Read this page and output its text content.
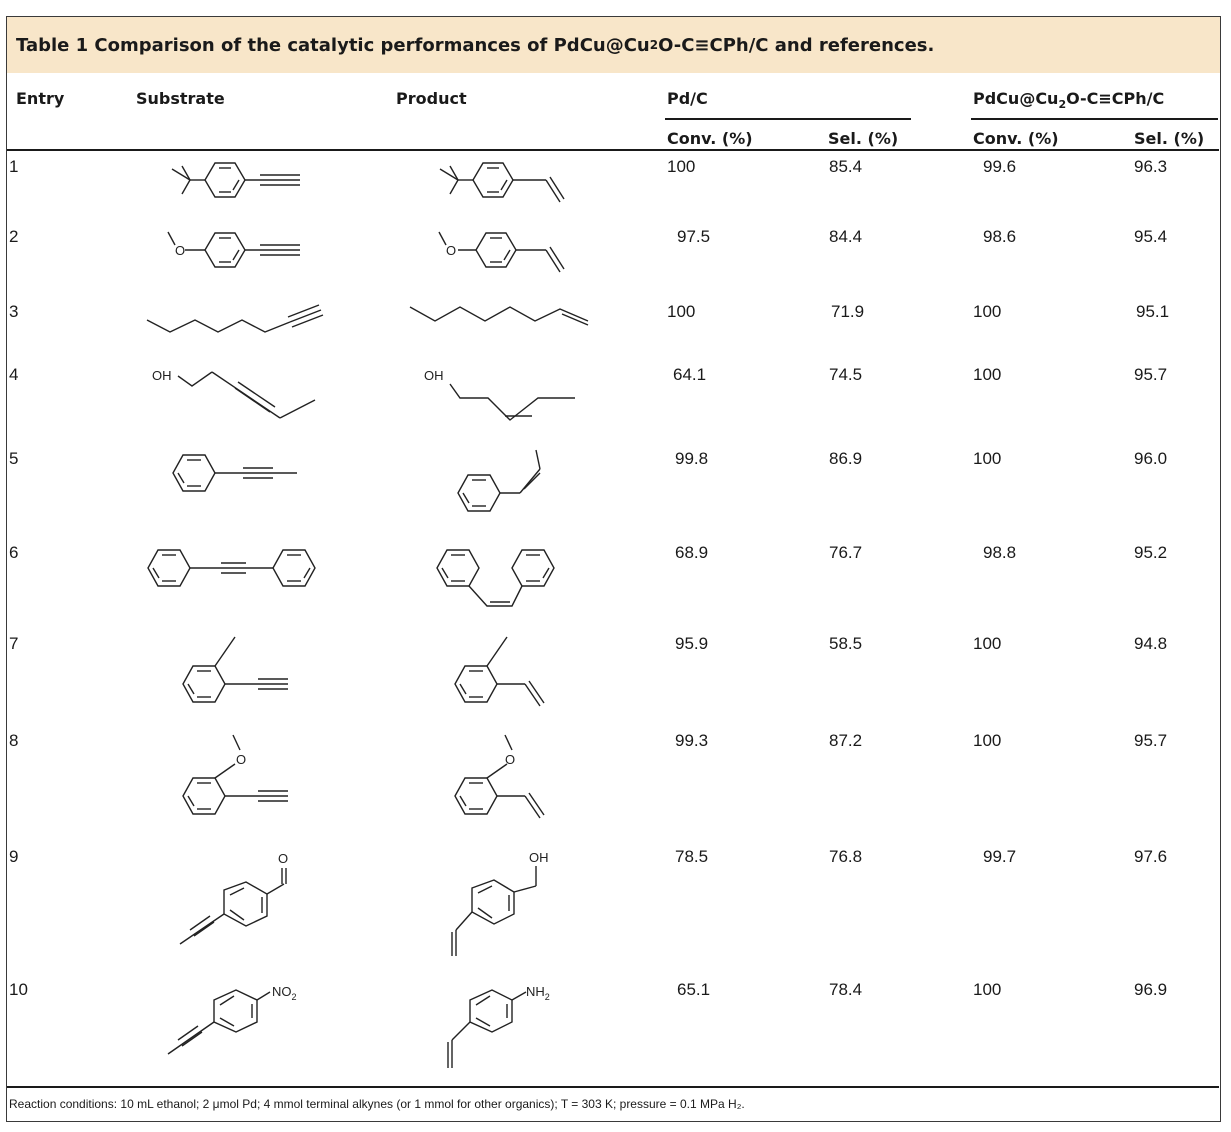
Table 1 Comparison of the catalytic performances of PdCu@Cu 2 O-C≡CPh/C and references.
Entry	Substrate	Product	Pd/C	$PdCu@Cu_2O-C\equiv CPh/C$
Conv. (%)	Sel. (%)	Conv. (%)	Sel. (%)
1	100	85.4	99.6	96.3
2	97.5	84.4	98.6	95.4
3	100	71.9	100	95.1
4	64.1	74.5	100	95.7
5	99.8	86.9	100	96.0
6	68.9	76.7	98.8	95.2
7	95.9	58.5	100	94.8
8	99.3	87.2	100	95.7
9	78.5	76.8	99.7	97.6
10	65.1	78.4	100	96.9
O	O
OH	OH
O	O
O	OH
$NO_2$	$NH_2$
Reaction conditions: 10 mL ethanol; 2 μmol Pd; 4 mmol terminal alkynes (or 1 mmol for other organics); T = 303 K; pressure = 0.1 MPa H₂.
